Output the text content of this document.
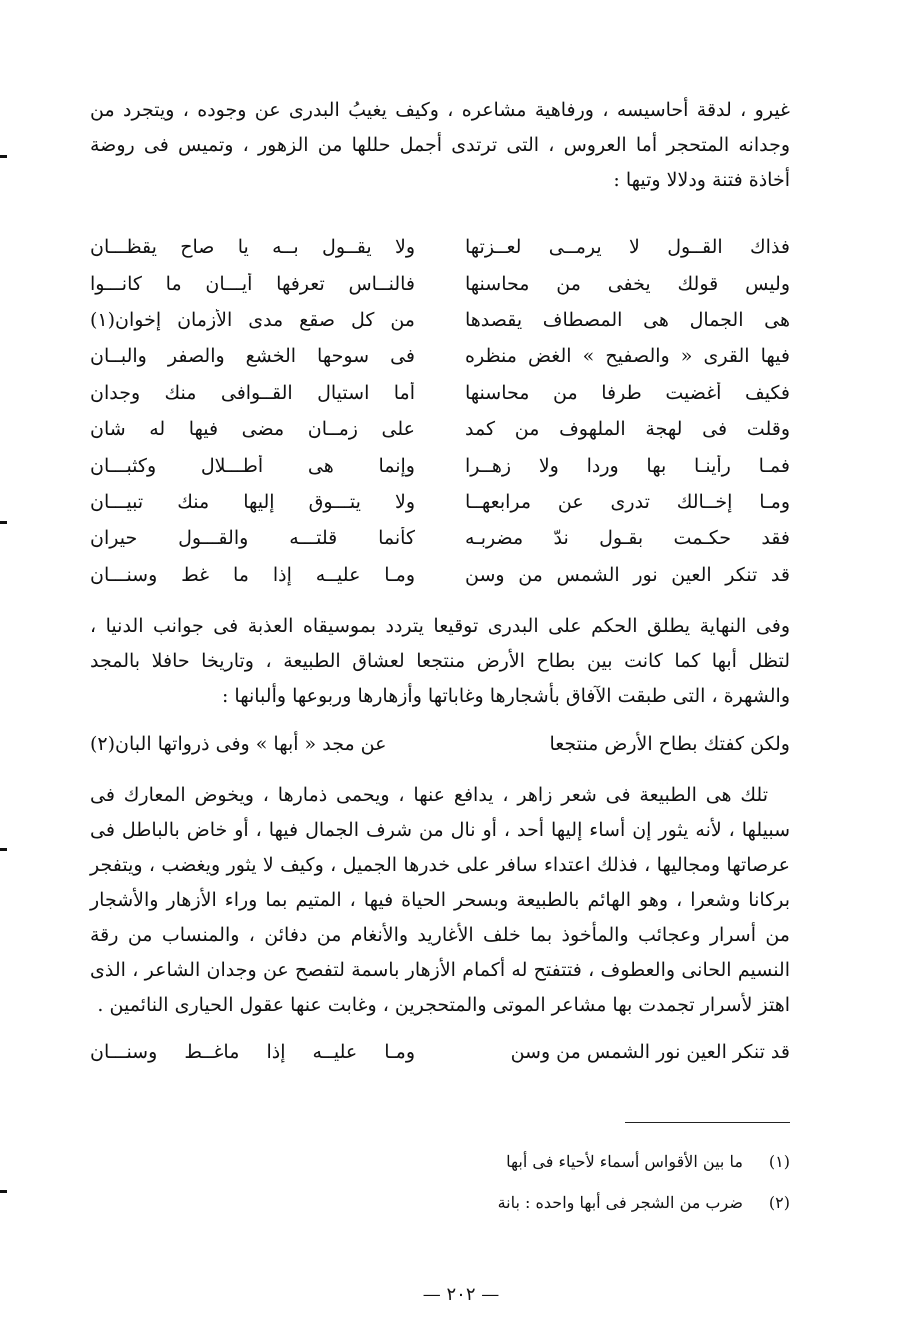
غيرو ، لدقة أحاسيسه ، ورفاهية مشاعره ، وكيف يغيبُ البدرى عن وجوده ، ويتجرد من وجدانه المتحجر أما العروس ، التى ترتدى أجمل حللها من الزهور ، وتميس فى روضة أخاذة فتنة ودلالا وتيها :
فذاك القــول لا يرمــى لعــزتها
ولا يقــول بــه يا صاح يقظـــان
وليس قولك يخفى من محاسنها
فالنــاس تعرفها أيـــان ما كانـــوا
هى الجمال هى المصطاف يقصدها
من كل صقع مدى الأزمان إخوان(١)
فيها القرى « والصفيح » الغض منظره
فى سوحها الخشع والصفر والبــان
فكيف أغضيت طرفا من محاسنها
أما استيال القــوافى منك وجدان
وقلت فى لهجة الملهوف من كمد
على زمــان مضى فيها له شان
فمـا رأينـا بها وردا ولا زهــرا
وإنما هى أطـــلال وكثبـــان
ومـا إخــالك تدرى عن مرابعهــا
ولا يتـــوق إليها منك تبيـــان
فقد حكـمت بقـول ندّ مضربـه
كأنما قلتـــه والقـــول حيران
قد تنكر العين نور الشمس من وسن
ومـا عليــه إذا ما غط وسنـــان
وفى النهاية يطلق الحكم على البدرى توقيعا يتردد بموسيقاه العذبة فى جوانب الدنيا ، لتظل أبها كما كانت بين بطاح الأرض منتجعا لعشاق الطبيعة ، وتاريخا حافلا بالمجد والشهرة ، التى طبقت الآفاق بأشجارها وغاباتها وأزهارها وربوعها وألبانها :
ولكن كفتك بطاح الأرض منتجعا
عن مجد « أبها » وفى ذرواتها البان(٢)
تلك هى الطبيعة فى شعر زاهر ، يدافع عنها ، ويحمى ذمارها ، ويخوض المعارك فى سبيلها ، لأنه يثور إن أساء إليها أحد ، أو نال من شرف الجمال فيها ، أو خاض بالباطل فى عرصاتها ومجاليها ، فذلك اعتداء سافر على خدرها الجميل ، وكيف لا يثور ويغضب ، ويتفجر بركانا وشعرا ، وهو الهائم بالطبيعة وبسحر الحياة فيها ، المتيم بما وراء الأزهار والأشجار من أسرار وعجائب والمأخوذ بما خلف الأغاريد والأنغام من دفائن ، والمنساب من رقة النسيم الحانى والعطوف ، فتتفتح له أكمام الأزهار باسمة لتفصح عن وجدان الشاعر ، الذى اهتز لأسرار تجمدت بها مشاعر الموتى والمتحجرين ، وغابت عنها عقول الحيارى النائمين .
قد تنكر العين نور الشمس من وسن
ومـا عليــه إذا ماغــط وسنـــان
(١) ما بين الأقواس أسماء لأحياء فى أبها
(٢) ضرب من الشجر فى أبها واحده : بانة
— ٢٠٢ —
